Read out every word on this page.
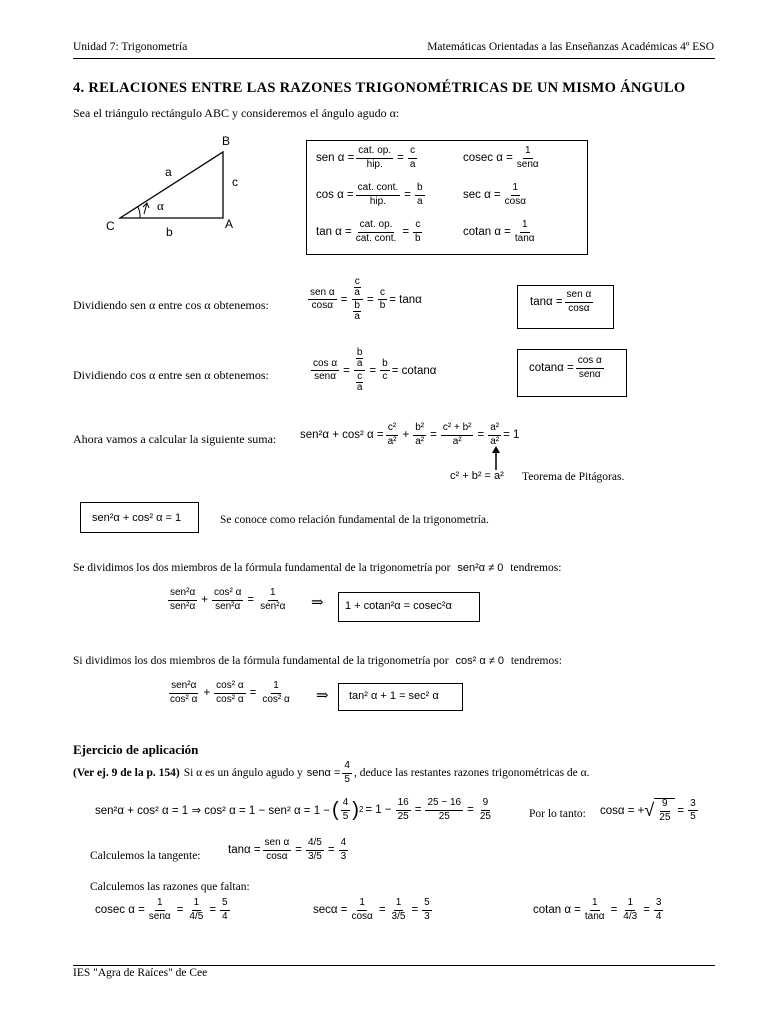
Unidad 7: Trigonometría	Matemáticas Orientadas a las Enseñanzas Académicas 4º ESO
4. RELACIONES ENTRE LAS RAZONES TRIGONOMÉTRICAS DE UN MISMO ÁNGULO
Sea el triángulo rectángulo ABC y consideremos el ángulo agudo α:
B
A
C
a
b
c
α
sen $\alpha = \frac{\text{cat. op.}}{\text{hip.}} = \frac{c}{a}$
$\cos \alpha = \frac{\text{cat. cont.}}{\text{hip.}} = \frac{b}{a}$
$\tan \alpha = \frac{\text{cat. op.}}{\text{cat. cont.}} = \frac{c}{b}$
cosec $\alpha = \frac{1}{\text{senα}}$
$\sec \alpha = \frac{1}{\cos\alpha}$
cotan $\alpha = \frac{1}{\tan\alpha}$
Dividiendo sen α entre cos α obtenemos:	$\frac{\text{sen α}}{\cos\alpha} = \frac{\frac{c}{a}}{\frac{b}{a}} = \frac{c}{b} = \tan\alpha$	$\tan\alpha = \frac{\text{sen α}}{\cos\alpha}$
Dividiendo cos α entre sen α obtenemos:	$\frac{\text{cos α}}{\text{senα}} = \frac{\frac{b}{a}}{\frac{c}{a}} = \frac{b}{c} = cotan\alpha$	$cotan\alpha = \frac{\text{cos α}}{\text{senα}}$
Ahora vamos a calcular la siguiente suma: sen²α + cos² $\alpha = \frac{\text{c²}}{\text{a²}} + \frac{\text{b²}}{\text{a²}} = \frac{\text{c² + b²}}{\text{a²}} = \frac{\text{a²}}{\text{a²}} = 1$
c² + b² = a² Teorema de Pitágoras.
sen²α + cos² α = 1	Se conoce como relación fundamental de la trigonometría.
Se dividimos los dos miembros de la fórmula fundamental de la trigonometría por sen²α ≠ 0 tendremos:
$\frac{\text{sen²α}}{\text{sen²α}} + \frac{\text{cos² α}}{\text{sen²α}} = \frac{1}{\text{sen²α}}$ ⇒ 1 + cotan²α = cosec²α
Si dividimos los dos miembros de la fórmula fundamental de la trigonometría por cos² α ≠ 0 tendremos:
$\frac{\text{sen²α}}{\text{cos² α}} + \frac{\text{cos² α}}{\text{cos² α}} = \frac{1}{\text{cos² α}}$ ⇒ tan² α + 1 = sec² α
Ejercicio de aplicación
(Ver ej. 9 de la p. 154) Si α es un ángulo agudo y $sen\alpha = \frac{4}{5}$ , deduce las restantes razones trigonométricas de α.
sen²α + cos² α = 1 ⇒ cos² α = 1 − sen² α = 1 − ( $\frac{4}{5}$ ) $2 = 1 - \frac{16}{25} = \frac{25 - 16}{25} = \frac{9}{25}$	Por lo tanto: cosα = + √ $\frac{9}{25} = \frac{3}{5}$
Calculemos la tangente: $\tan\alpha = \frac{\text{sen α}}{\cos\alpha} = \frac{4/5}{3/5} = \frac{4}{3}$
Calculemos las razones que faltan:
cosec $\alpha = \frac{1}{\text{senα}} = \frac{1}{4/5} = \frac{5}{4}$	$\sec\alpha = \frac{1}{\cos\alpha} = \frac{1}{3/5} = \frac{5}{3}$	cotan $\alpha = \frac{1}{\tan\alpha} = \frac{1}{4/3} = \frac{3}{4}$
IES "Agra de Raíces" de Cee
